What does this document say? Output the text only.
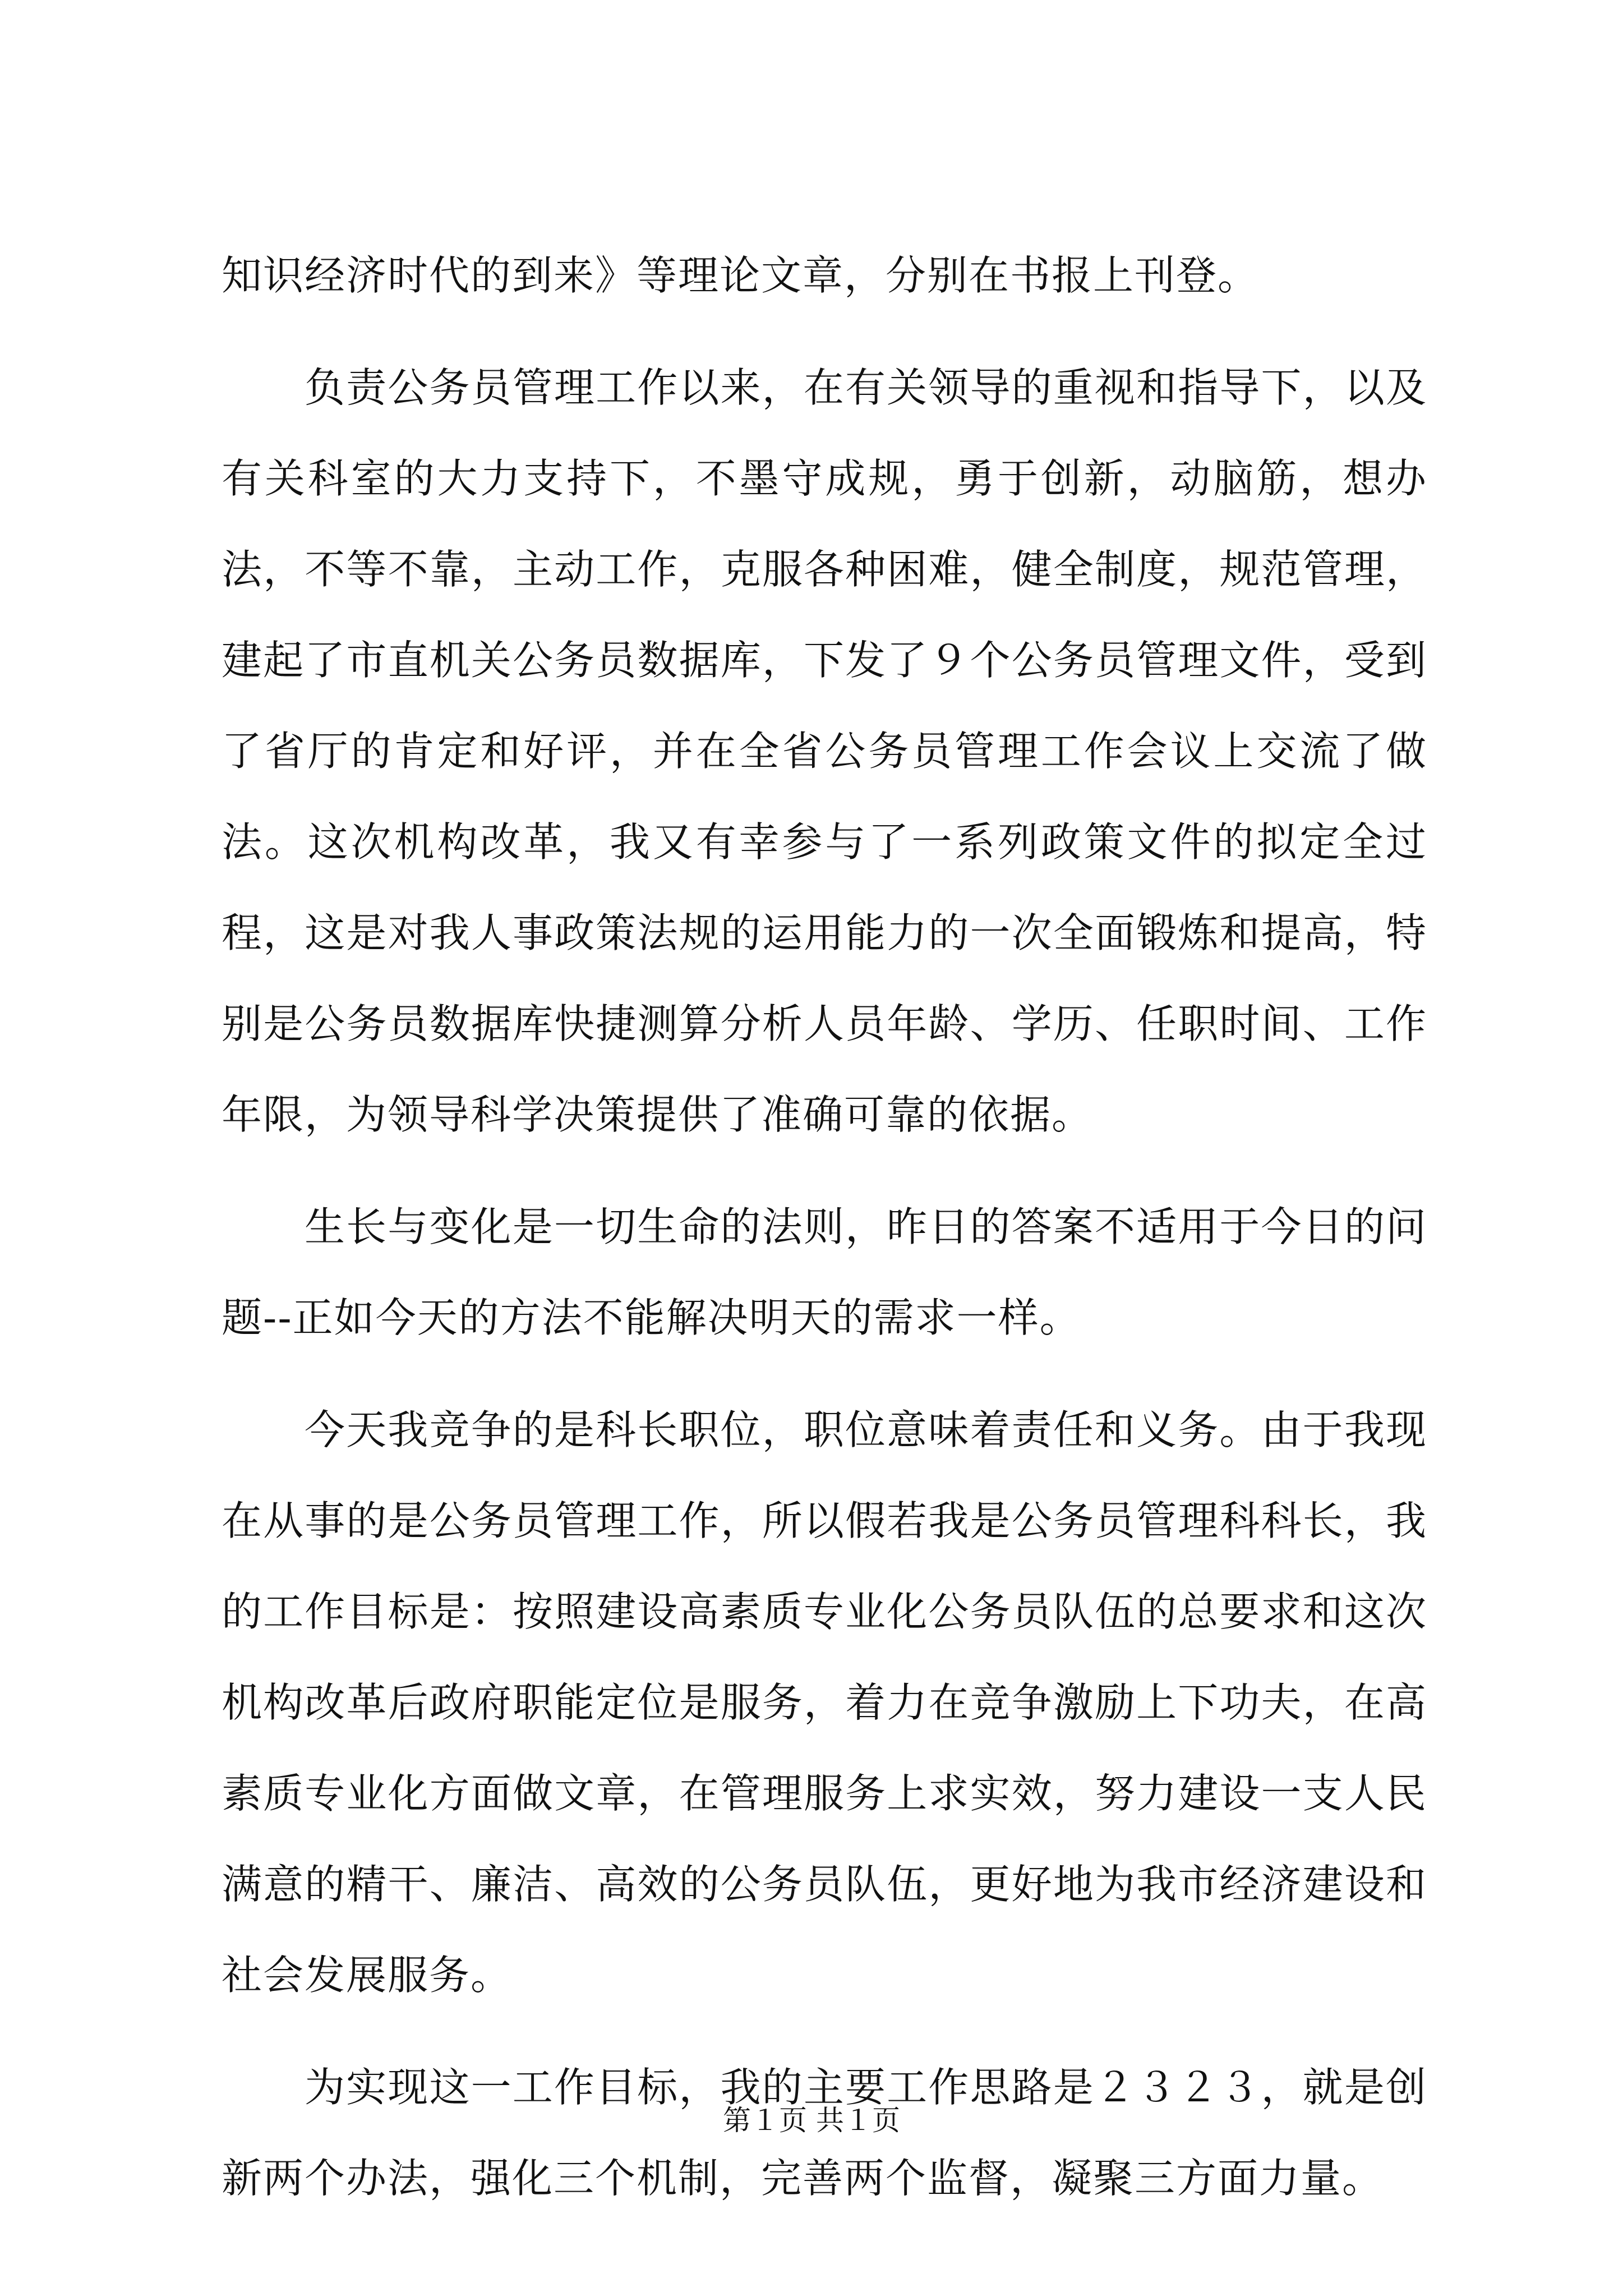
知识经济时代的到来》等理论文章，分别在书报上刊登。

负责公务员管理工作以来，在有关领导的重视和指导下，以及有关科室的大力支持下，不墨守成规，勇于创新，动脑筋，想办法，不等不靠，主动工作，克服各种困难，健全制度，规范管理，建起了市直机关公务员数据库，下发了９个公务员管理文件，受到了省厅的肯定和好评，并在全省公务员管理工作会议上交流了做法。这次机构改革，我又有幸参与了一系列政策文件的拟定全过程，这是对我人事政策法规的运用能力的一次全面锻炼和提高，特别是公务员数据库快捷测算分析人员年龄、学历、任职时间、工作年限，为领导科学决策提供了准确可靠的依据。

生长与变化是一切生命的法则，昨日的答案不适用于今日的问题--正如今天的方法不能解决明天的需求一样。

今天我竞争的是科长职位，职位意味着责任和义务。由于我现在从事的是公务员管理工作，所以假若我是公务员管理科科长，我的工作目标是：按照建设高素质专业化公务员队伍的总要求和这次机构改革后政府职能定位是服务，着力在竞争激励上下功夫，在高素质专业化方面做文章，在管理服务上求实效，努力建设一支人民满意的精干、廉洁、高效的公务员队伍，更好地为我市经济建设和社会发展服务。

为实现这一工作目标，我的主要工作思路是２３２３，就是创新两个办法，强化三个机制，完善两个监督，凝聚三方面力量。

第１页 共１页
